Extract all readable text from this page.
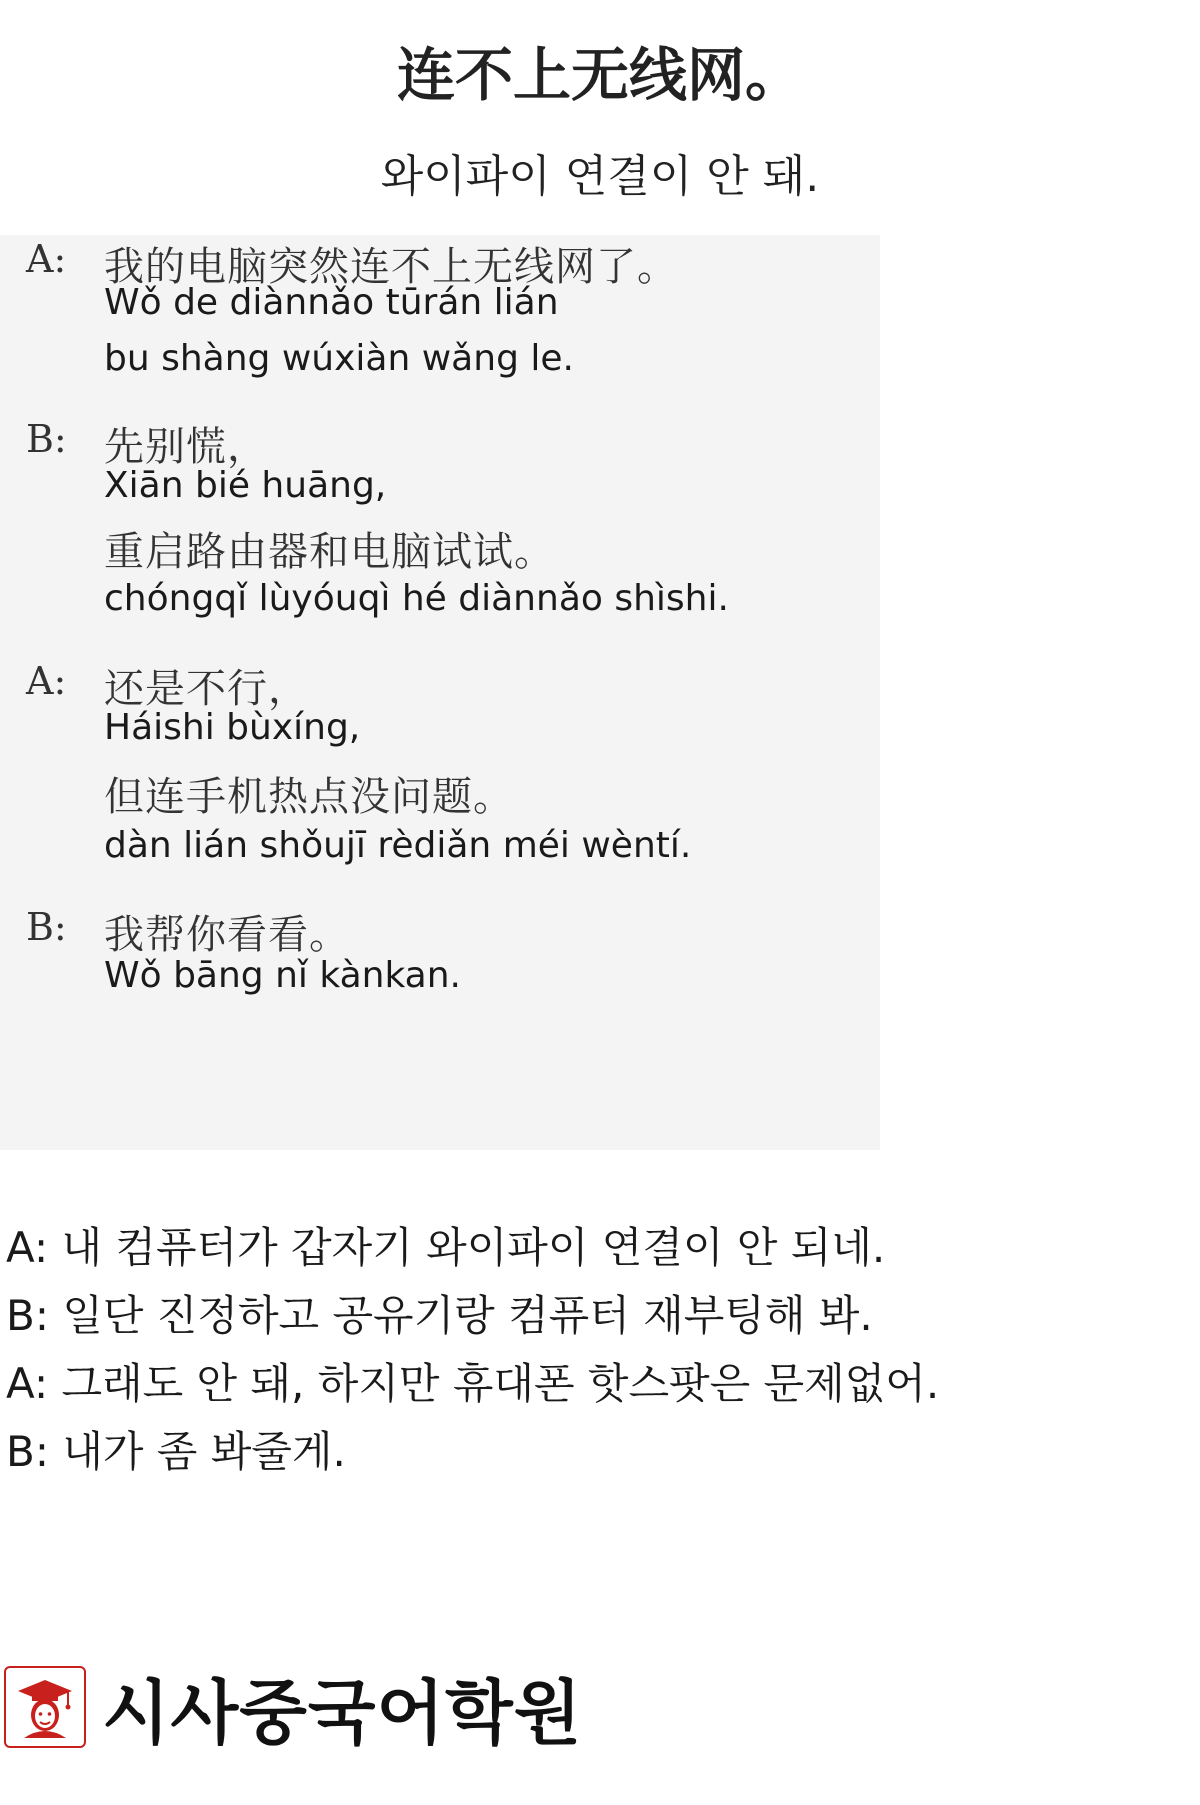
连不上无线网。
와이파이 연결이 안 돼.
A: 我的电脑突然连不上无线网了。
Wǒ de diànnǎo tūrán lián
bu shàng wúxiàn wǎng le.
B: 先别慌，
Xiān bié huāng,
重启路由器和电脑试试。
chóngqǐ lùyóuqì hé diànnǎo shìshi.
A: 还是不行，
Háishi bùxíng,
但连手机热点没问题。
dàn lián shǒujī rèdiǎn méi wèntí.
B: 我帮你看看。
Wǒ bāng nǐ kànkan.
A: 내 컴퓨터가 갑자기 와이파이 연결이 안 되네.
B: 일단 진정하고 공유기랑 컴퓨터 재부팅해 봐.
A: 그래도 안 돼, 하지만 휴대폰 핫스팟은 문제없어.
B: 내가 좀 봐줄게.
시사중국어학원
